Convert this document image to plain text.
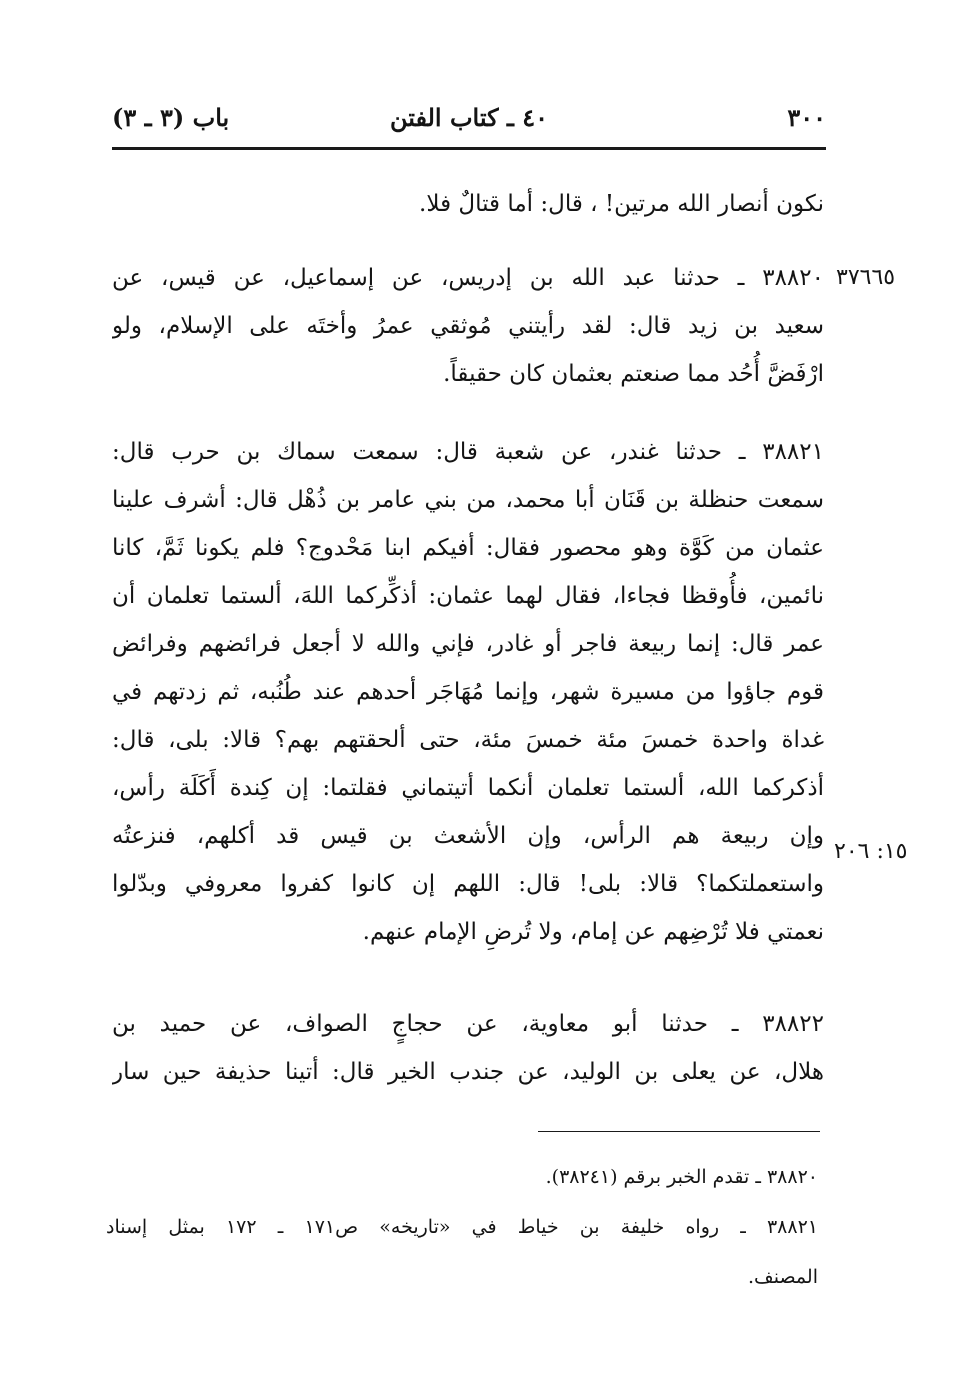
٣٠٠
٤٠ ـ كتاب الفتن
باب (٣ ـ ٣)
نكون أنصار الله مرتين! ، قال: أما قتالٌ فلا.
٣٨٨٢٠ ـ حدثنا عبد الله بن إدريس، عن إسماعيل، عن قيس، عن
سعيد بن زيد قال: لقد رأيتني مُوثقي عمرُ وأختَه على الإسلام، ولو
ارْفَضَّ أُحُد مما صنعتم بعثمان كان حقيقاً.
٣٨٨٢١ ـ حدثنا غندر، عن شعبة قال: سمعت سماك بن حرب قال:
سمعت حنظلة بن قَنَان أبا محمد، من بني عامر بن ذُهْل قال: أشرف علينا
عثمان من كَوَّة وهو محصور فقال: أفيكم ابنا مَحْدوج؟ فلم يكونا ثَمَّ، كانا
نائمين، فأُوقظا فجاءا، فقال لهما عثمان: أذكِّركما اللهَ، ألستما تعلمان أن
عمر قال: إنما ربيعة فاجر أو غادر، فإني والله لا أجعل فرائضهم وفرائض
قوم جاؤوا من مسيرة شهر، وإنما مُهَاجَر أحدهم عند طُنُبه، ثم زدتهم في
غداة واحدة خمسَ مئة خمسَ مئة، حتى ألحقتهم بهم؟ قالا: بلى، قال:
أذكركما الله، ألستما تعلمان أنكما أتيتماني فقلتما: إن كِندة أَكَلَة رأس،
وإن ربيعة هم الرأس، وإن الأشعث بن قيس قد أكلهم، فنزعتُه
واستعملتكما؟ قالا: بلى! قال: اللهم إن كانوا كفروا معروفي وبدّلوا
نعمتي فلا تُرْضِهم عن إمام، ولا تُرضِ الإمام عنهم.
٣٨٨٢٢ ـ حدثنا أبو معاوية، عن حجاجٍ الصواف، عن حميد بن
هلال، عن يعلى بن الوليد، عن جندب الخير قال: أتينا حذيفة حين سار
٣٧٦٦٥
١٥: ٢٠٦
٣٨٨٢٠ ـ تقدم الخبر برقم (٣٨٢٤١).
٣٨٨٢١ ـ رواه خليفة بن خياط في «تاريخه» ص١٧١ ـ ١٧٢ بمثل إسناد
المصنف.
